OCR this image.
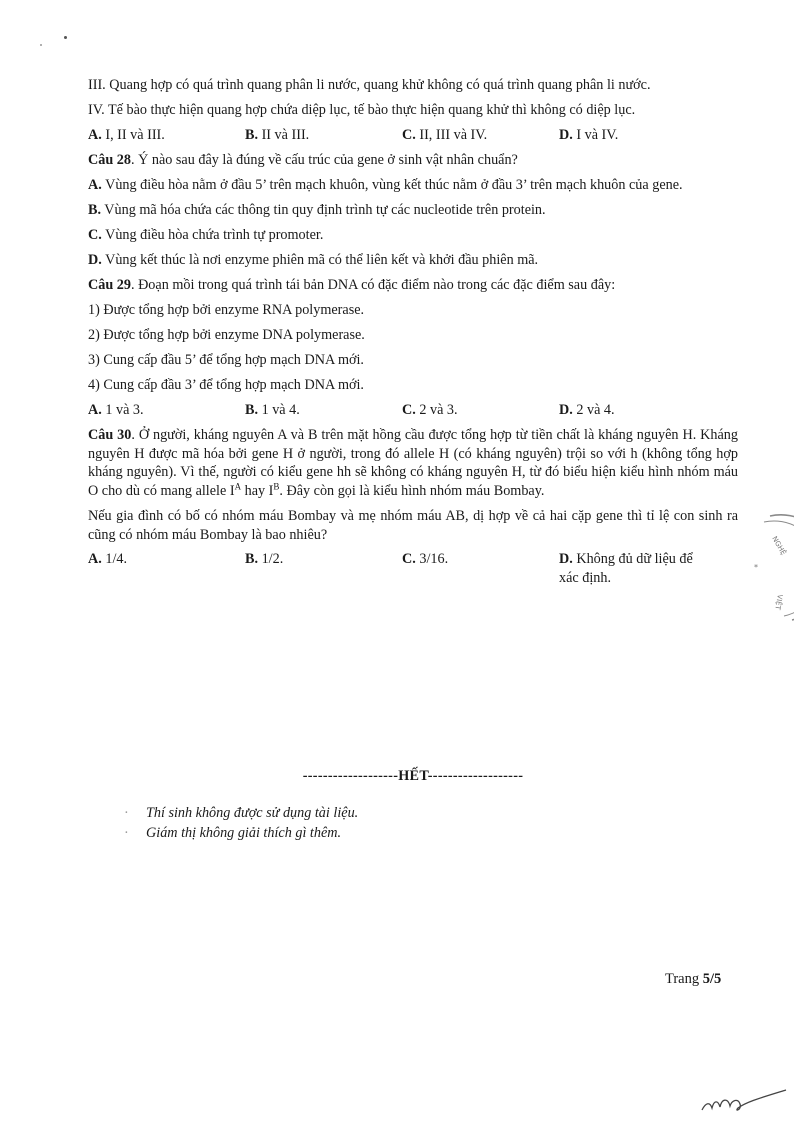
III. Quang hợp có quá trình quang phân li nước, quang khử không có quá trình quang phân li nước.
IV. Tế bào thực hiện quang hợp chứa diệp lục, tế bào thực hiện quang khử thì không có diệp lục.
A. I, II và III.	B. II và III.	C. II, III và IV.	D. I và IV.
Câu 28. Ý nào sau đây là đúng về cấu trúc của gene ở sinh vật nhân chuẩn?
A. Vùng điều hòa nằm ở đầu 5’ trên mạch khuôn, vùng kết thúc nằm ở đầu 3’ trên mạch khuôn của gene.
B. Vùng mã hóa chứa các thông tin quy định trình tự các nucleotide trên protein.
C. Vùng điều hòa chứa trình tự promoter.
D. Vùng kết thúc là nơi enzyme phiên mã có thể liên kết và khởi đầu phiên mã.
Câu 29. Đoạn mồi trong quá trình tái bản DNA có đặc điểm nào trong các đặc điểm sau đây:
1) Được tổng hợp bởi enzyme RNA polymerase.
2) Được tổng hợp bởi enzyme DNA polymerase.
3) Cung cấp đầu 5’ để tổng hợp mạch DNA mới.
4) Cung cấp đầu 3’ để tổng hợp mạch DNA mới.
A. 1 và 3.	B. 1 và 4.	C. 2 và 3.	D. 2 và 4.
Câu 30. Ở người, kháng nguyên A và B trên mặt hồng cầu được tổng hợp từ tiền chất là kháng nguyên H. Kháng nguyên H được mã hóa bởi gene H ở người, trong đó allele H (có kháng nguyên) trội so với h (không tổng hợp kháng nguyên). Vì thế, người có kiểu gene hh sẽ không có kháng nguyên H, từ đó biểu hiện kiểu hình nhóm máu O cho dù có mang allele $I^A$ hay $I^B$. Đây còn gọi là kiểu hình nhóm máu Bombay.
Nếu gia đình có bố có nhóm máu Bombay và mẹ nhóm máu AB, dị hợp về cả hai cặp gene thì tỉ lệ con sinh ra cũng có nhóm máu Bombay là bao nhiêu?
A. 1/4.	B. 1/2.	C. 3/16.	D. Không đủ dữ liệu để xác định.
-------------------HẾT-------------------
· Thí sinh không được sử dụng tài liệu.
· Giám thị không giải thích gì thêm.
Trang 5/5
NGHỆ
VIỆT
*
